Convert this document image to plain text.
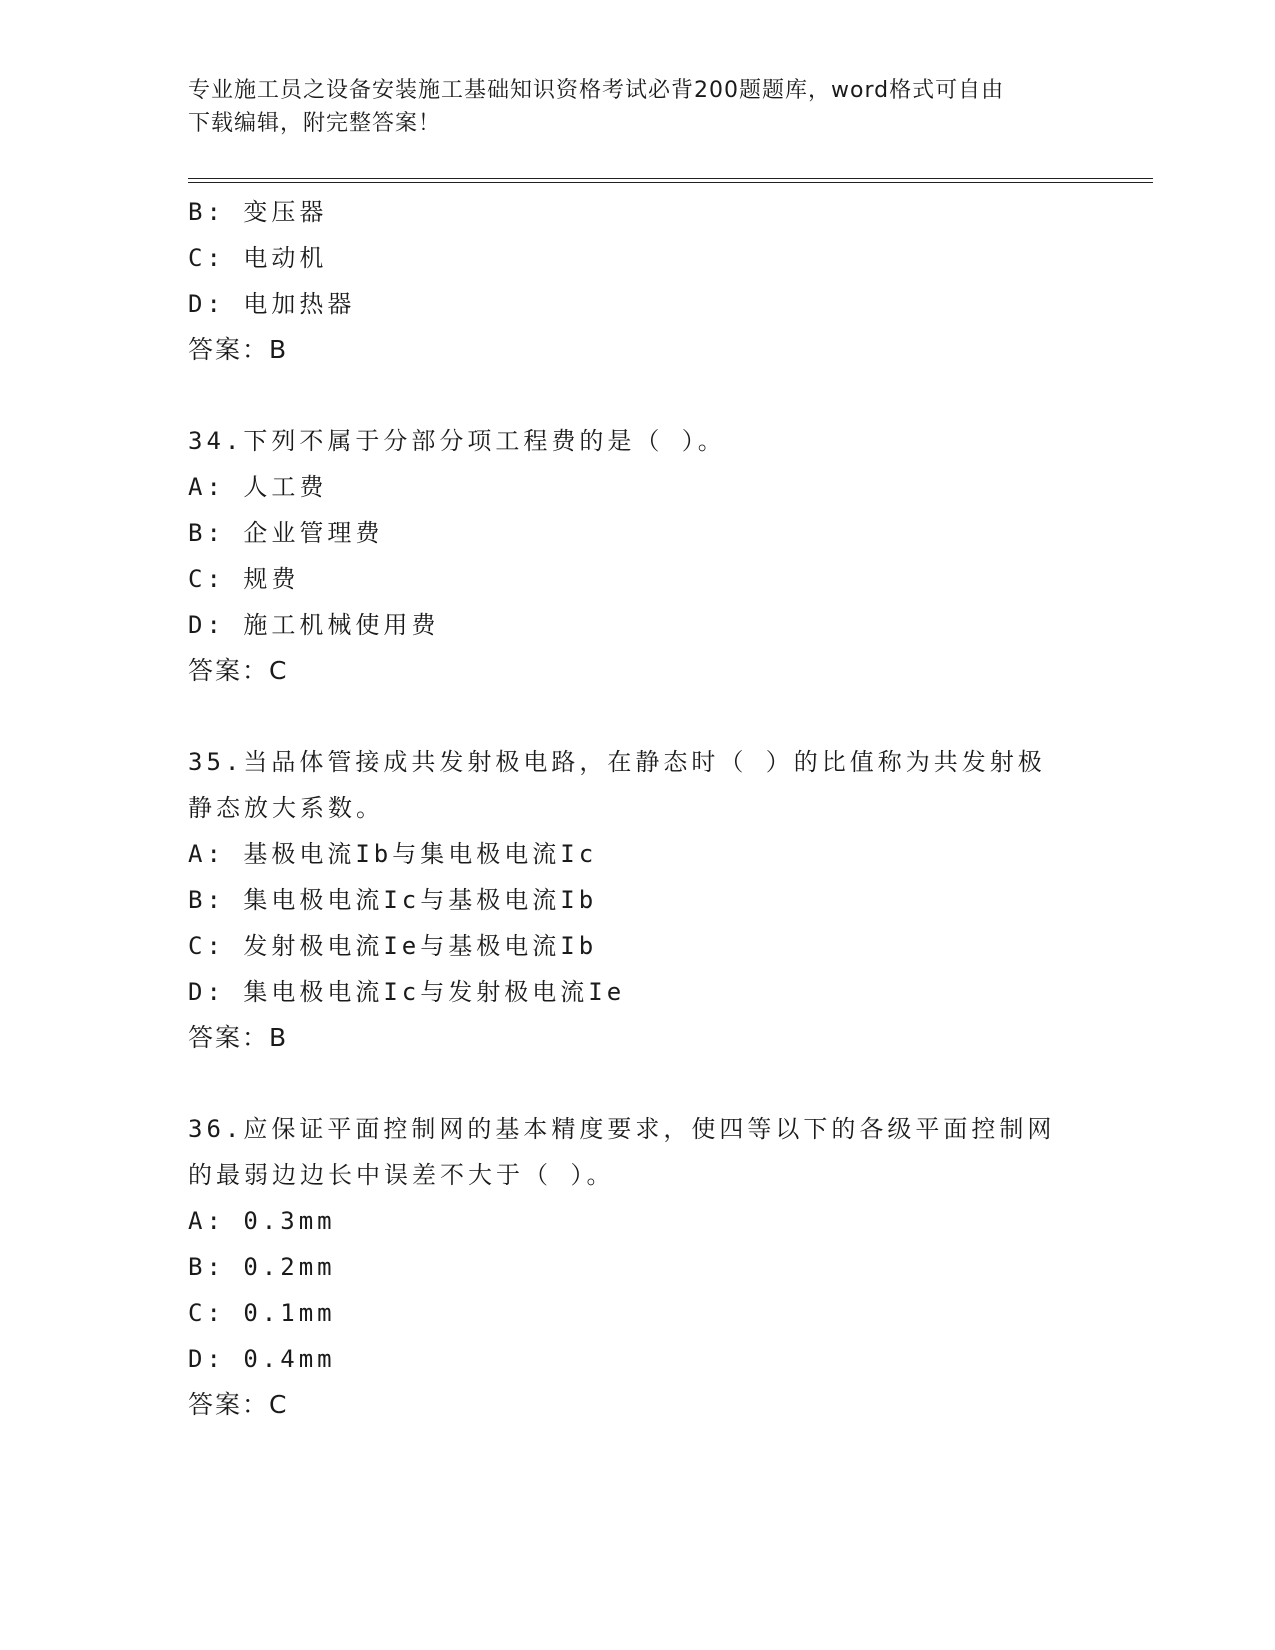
专业施工员之设备安装施工基础知识资格考试必背200题题库，word格式可自由
下载编辑，附完整答案！
B: 变压器
C: 电动机
D: 电加热器
答案：B
34.下列不属于分部分项工程费的是（ ）。
A: 人工费
B: 企业管理费
C: 规费
D: 施工机械使用费
答案：C
35.当品体管接成共发射极电路，在静态时（ ）的比值称为共发射极
静态放大系数。
A: 基极电流Ib与集电极电流Ic
B: 集电极电流Ic与基极电流Ib
C: 发射极电流Ie与基极电流Ib
D: 集电极电流Ic与发射极电流Ie
答案：B
36.应保证平面控制网的基本精度要求，使四等以下的各级平面控制网
的最弱边边长中误差不大于（ ）。
A: 0.3mm
B: 0.2mm
C: 0.1mm
D: 0.4mm
答案：C
